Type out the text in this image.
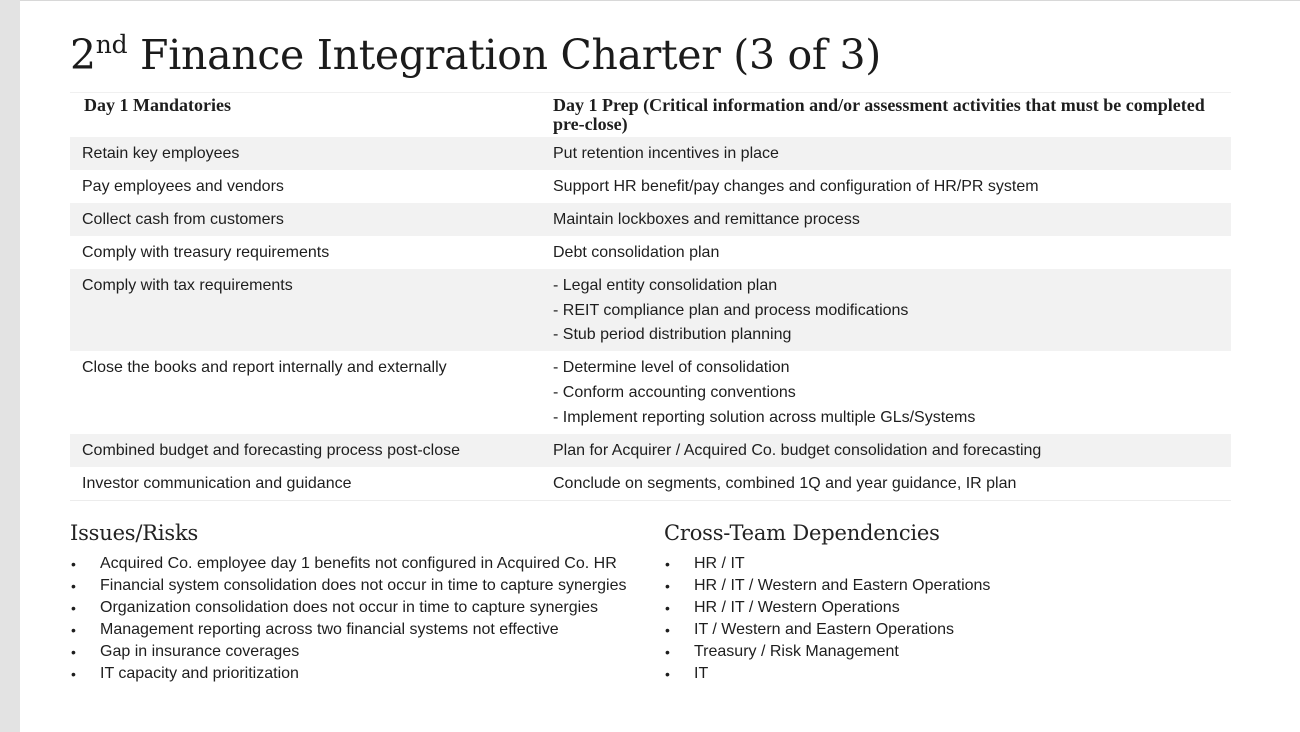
2nd Finance Integration Charter (3 of 3)
Day 1 Mandatories	Day 1 Prep (Critical information and/or assessment activities that must be completed pre-close)
Retain key employees	Put retention incentives in place

Pay employees and vendors	Support HR benefit/pay changes and configuration of HR/PR system

Collect cash from customers	Maintain lockboxes and remittance process

Comply with treasury requirements	Debt consolidation plan

Comply with tax requirements	- Legal entity consolidation plan
- REIT compliance plan and process modifications
- Stub period distribution planning

Close the books and report internally and externally	- Determine level of consolidation
- Conform accounting conventions
- Implement reporting solution across multiple GLs/Systems

Combined budget and forecasting process post-close	Plan for Acquirer / Acquired Co. budget consolidation and forecasting

Investor communication and guidance	Conclude on segments, combined 1Q and year guidance, IR plan
Issues/Risks
• Acquired Co. employee day 1 benefits not configured in Acquired Co. HR
• Financial system consolidation does not occur in time to capture synergies
• Organization consolidation does not occur in time to capture synergies
• Management reporting across two financial systems not effective
• Gap in insurance coverages
• IT capacity and prioritization
Cross-Team Dependencies
• HR / IT
• HR / IT / Western and Eastern Operations
• HR / IT / Western Operations
• IT / Western and Eastern Operations
• Treasury / Risk Management
• IT
